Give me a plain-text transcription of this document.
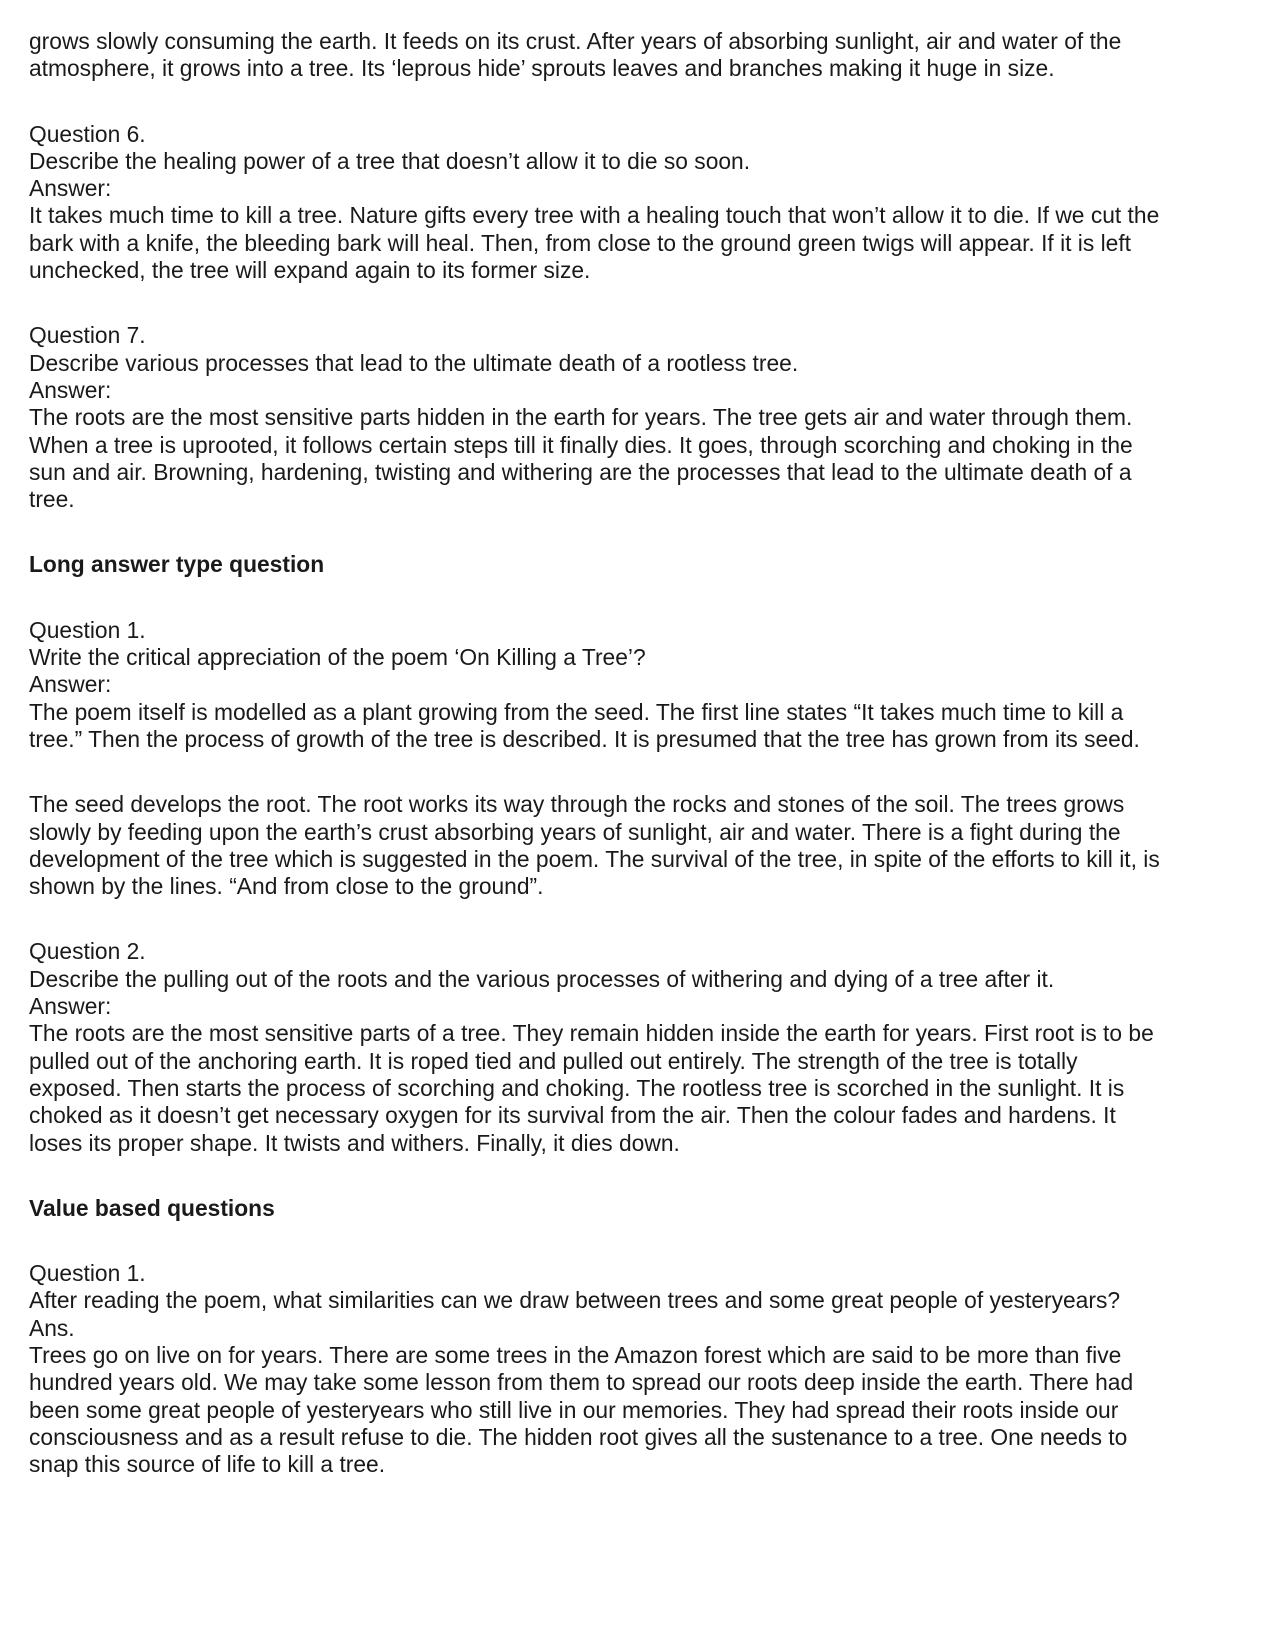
grows slowly consuming the earth. It feeds on its crust. After years of absorbing sunlight, air and water of the
atmosphere, it grows into a tree. Its ‘leprous hide’ sprouts leaves and branches making it huge in size.
Question 6.
Describe the healing power of a tree that doesn’t allow it to die so soon.
Answer:
It takes much time to kill a tree. Nature gifts every tree with a healing touch that won’t allow it to die. If we cut the
bark with a knife, the bleeding bark will heal. Then, from close to the ground green twigs will appear. If it is left
unchecked, the tree will expand again to its former size.
Question 7.
Describe various processes that lead to the ultimate death of a rootless tree.
Answer:
The roots are the most sensitive parts hidden in the earth for years. The tree gets air and water through them.
When a tree is uprooted, it follows certain steps till it finally dies. It goes, through scorching and choking in the
sun and air. Browning, hardening, twisting and withering are the processes that lead to the ultimate death of a
tree.
Long answer type question
Question 1.
Write the critical appreciation of the poem ‘On Killing a Tree’?
Answer:
The poem itself is modelled as a plant growing from the seed. The first line states “It takes much time to kill a
tree.” Then the process of growth of the tree is described. It is presumed that the tree has grown from its seed.
The seed develops the root. The root works its way through the rocks and stones of the soil. The trees grows
slowly by feeding upon the earth’s crust absorbing years of sunlight, air and water. There is a fight during the
development of the tree which is suggested in the poem. The survival of the tree, in spite of the efforts to kill it, is
shown by the lines. “And from close to the ground”.
Question 2.
Describe the pulling out of the roots and the various processes of withering and dying of a tree after it.
Answer:
The roots are the most sensitive parts of a tree. They remain hidden inside the earth for years. First root is to be
pulled out of the anchoring earth. It is roped tied and pulled out entirely. The strength of the tree is totally
exposed. Then starts the process of scorching and choking. The rootless tree is scorched in the sunlight. It is
choked as it doesn’t get necessary oxygen for its survival from the air. Then the colour fades and hardens. It
loses its proper shape. It twists and withers. Finally, it dies down.
Value based questions
Question 1.
After reading the poem, what similarities can we draw between trees and some great people of yesteryears?
Ans.
Trees go on live on for years. There are some trees in the Amazon forest which are said to be more than five
hundred years old. We may take some lesson from them to spread our roots deep inside the earth. There had
been some great people of yesteryears who still live in our memories. They had spread their roots inside our
consciousness and as a result refuse to die. The hidden root gives all the sustenance to a tree. One needs to
snap this source of life to kill a tree.
